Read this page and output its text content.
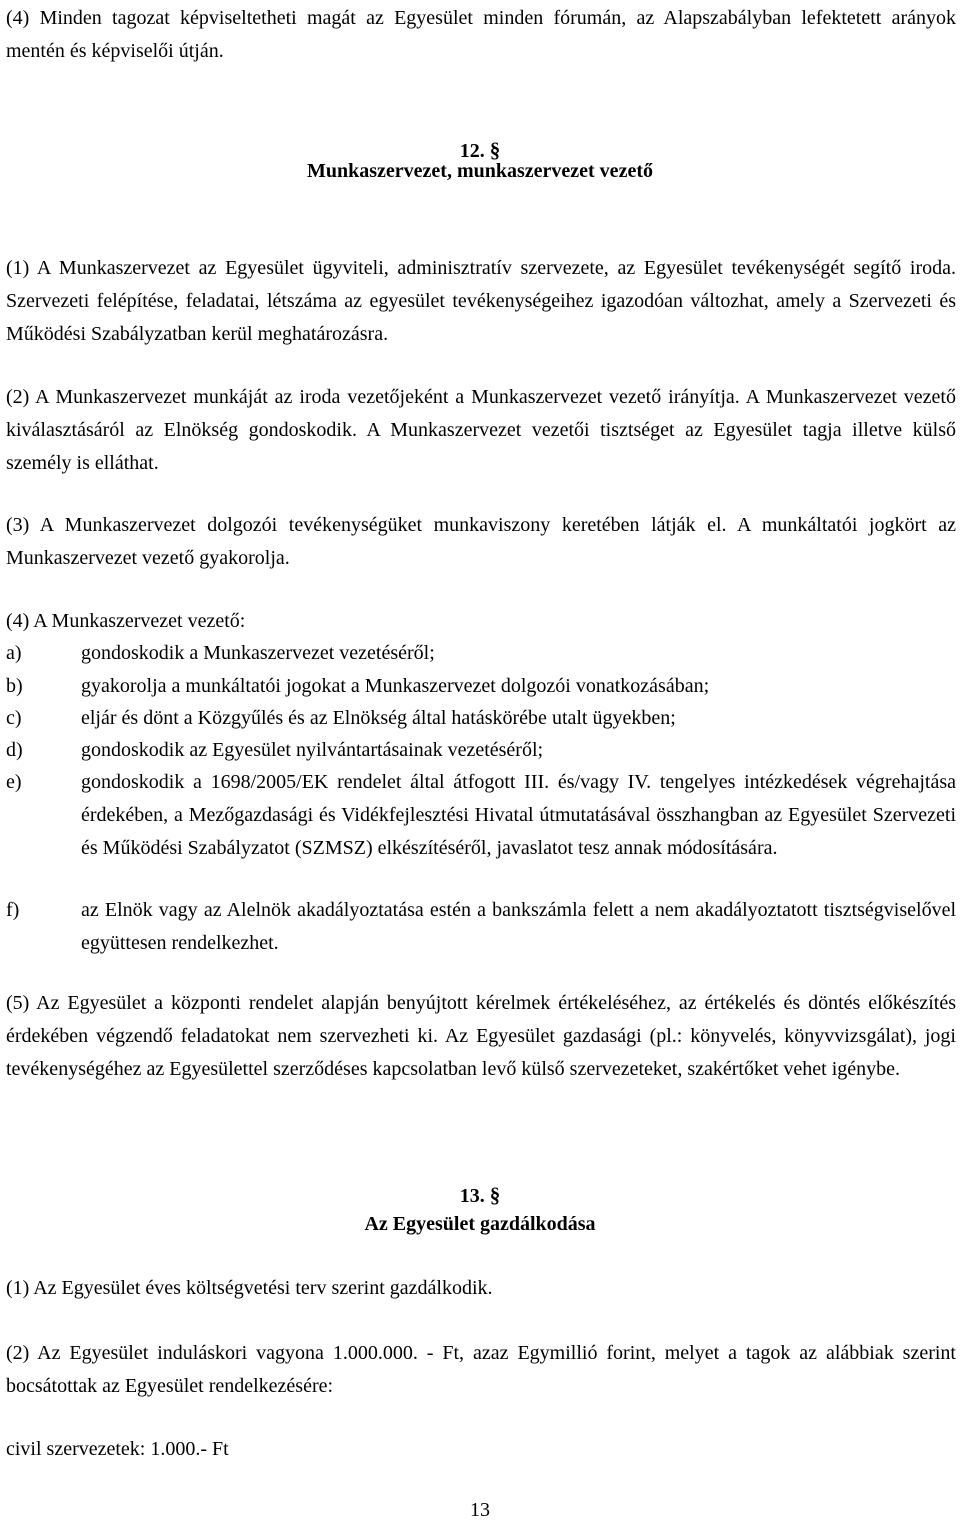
(4) Minden tagozat képviseltetheti magát az Egyesület minden fórumán, az Alapszabályban lefektetett arányok mentén és képviselői útján.

12. §
Munkaszervezet, munkaszervezet vezető

(1) A Munkaszervezet az Egyesület ügyviteli, adminisztratív szervezete, az Egyesület tevékenységét segítő iroda. Szervezeti felépítése, feladatai, létszáma az egyesület tevékenységeihez igazodóan változhat, amely a Szervezeti és Működési Szabályzatban kerül meghatározásra.

(2) A Munkaszervezet munkáját az iroda vezetőjeként a Munkaszervezet vezető irányítja. A Munkaszervezet vezető kiválasztásáról az Elnökség gondoskodik. A Munkaszervezet vezetői tisztséget az Egyesület tagja illetve külső személy is elláthat.

(3) A Munkaszervezet dolgozói tevékenységüket munkaviszony keretében látják el. A munkáltatói jogkört az Munkaszervezet vezető gyakorolja.

(4) A Munkaszervezet vezető:

a)	gondoskodik a Munkaszervezet vezetéséről;
b)	gyakorolja a munkáltatói jogokat a Munkaszervezet dolgozói vonatkozásában;
c)	eljár és dönt a Közgyűlés és az Elnökség által hatáskörébe utalt ügyekben;
d)	gondoskodik az Egyesület nyilvántartásainak vezetéséről;
e)	gondoskodik a 1698/2005/EK rendelet által átfogott III. és/vagy IV. tengelyes intézkedések végrehajtása érdekében, a Mezőgazdasági és Vidékfejlesztési Hivatal útmutatásával összhangban az Egyesület Szervezeti és Működési Szabályzatot (SZMSZ) elkészítéséről, javaslatot tesz annak módosítására.
f)	az Elnök vagy az Alelnök akadályoztatása estén a bankszámla felett a nem akadályoztatott tisztségviselővel együttesen rendelkezhet.

(5) Az Egyesület a központi rendelet alapján benyújtott kérelmek értékeléséhez, az értékelés és döntés előkészítés érdekében végzendő feladatokat nem szervezheti ki. Az Egyesület gazdasági (pl.: könyvelés, könyvvizsgálat), jogi tevékenységéhez az Egyesülettel szerződéses kapcsolatban levő külső szervezeteket, szakértőket vehet igénybe.

13. §
Az Egyesület gazdálkodása

(1) Az Egyesület éves költségvetési terv szerint gazdálkodik.

(2) Az Egyesület induláskori vagyona 1.000.000. - Ft, azaz Egymillió forint, melyet a tagok az alábbiak szerint bocsátottak az Egyesület rendelkezésére:

civil szervezetek: 1.000.- Ft

13
